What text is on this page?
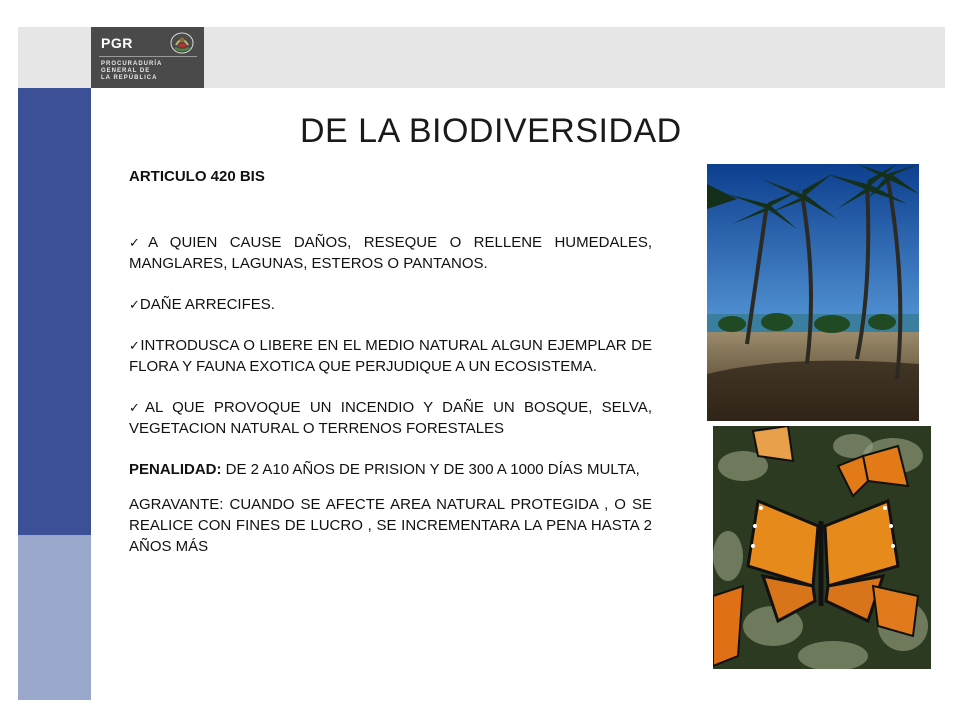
PGR
PROCURADURÍA
GENERAL DE
LA REPÚBLICA
DE LA BIODIVERSIDAD

ARTICULO 420 BIS

✓A QUIEN CAUSE DAÑOS, RESEQUE O RELLENE HUMEDALES, MANGLARES, LAGUNAS, ESTEROS O PANTANOS.

✓DAÑE ARRECIFES.

✓INTRODUSCA O LIBERE EN EL MEDIO NATURAL ALGUN EJEMPLAR DE FLORA Y FAUNA EXOTICA QUE PERJUDIQUE A UN ECOSISTEMA.

✓AL QUE PROVOQUE UN INCENDIO Y DAÑE UN BOSQUE, SELVA, VEGETACION NATURAL O TERRENOS FORESTALES

PENALIDAD: DE 2 A10 AÑOS DE PRISION Y DE 300 A 1000 DÍAS MULTA,

AGRAVANTE: CUANDO SE AFECTE AREA NATURAL PROTEGIDA , O SE REALICE CON FINES DE LUCRO , SE INCREMENTARA LA PENA HASTA 2 AÑOS MÁS
